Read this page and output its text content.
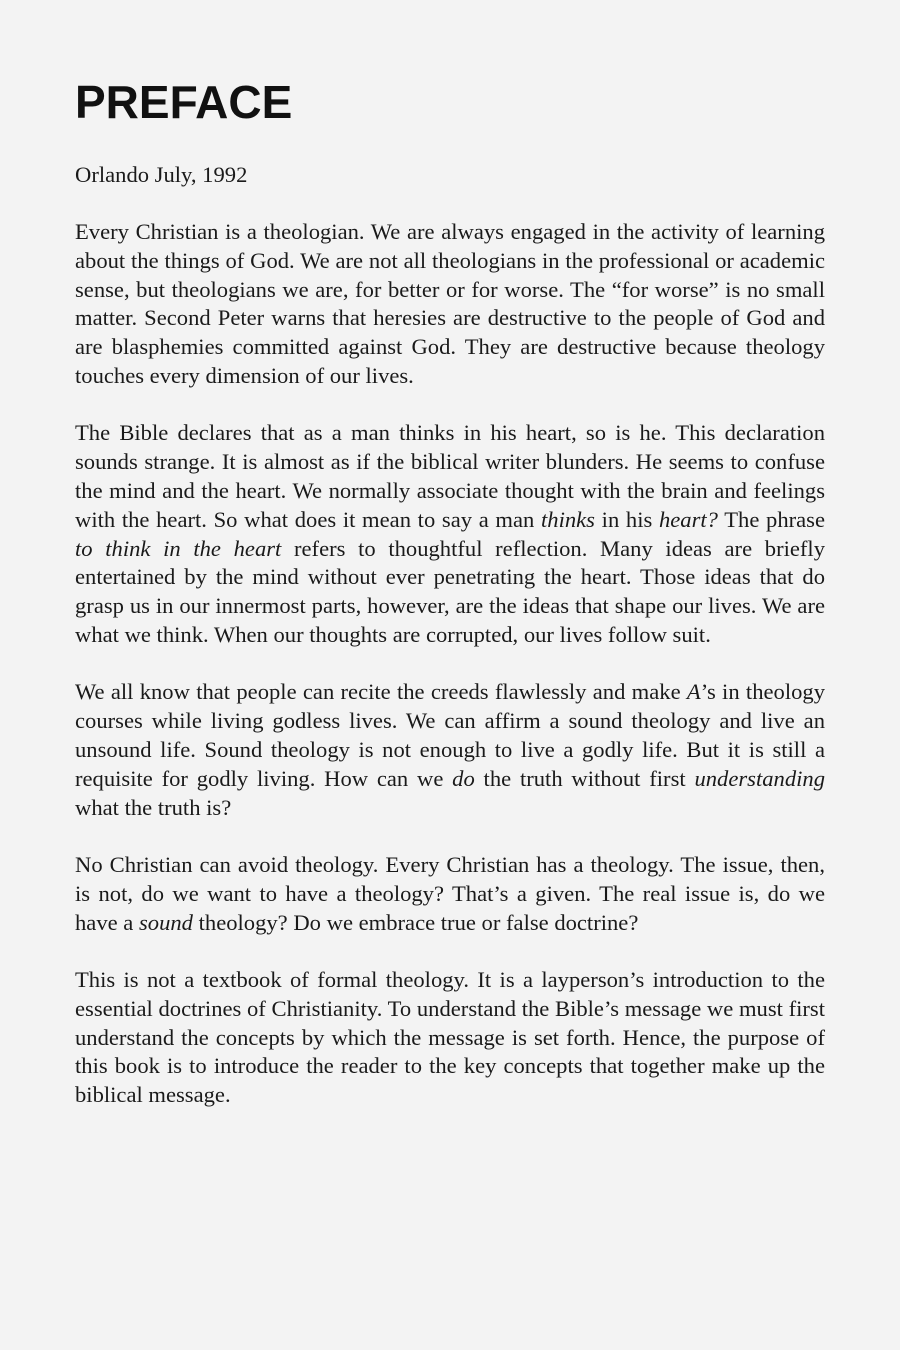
PREFACE

Orlando July, 1992

Every Christian is a theologian. We are always engaged in the activity of learning about the things of God. We are not all theologians in the professional or academic sense, but theologians we are, for better or for worse. The “for worse” is no small matter. Second Peter warns that heresies are destructive to the people of God and are blasphemies committed against God. They are destructive because theology touches every dimension of our lives.

The Bible declares that as a man thinks in his heart, so is he. This declaration sounds strange. It is almost as if the biblical writer blunders. He seems to confuse the mind and the heart. We normally associate thought with the brain and feelings with the heart. So what does it mean to say a man thinks in his heart? The phrase to think in the heart refers to thoughtful reflection. Many ideas are briefly entertained by the mind without ever penetrating the heart. Those ideas that do grasp us in our innermost parts, however, are the ideas that shape our lives. We are what we think. When our thoughts are corrupted, our lives follow suit.

We all know that people can recite the creeds flawlessly and make A’s in theology courses while living godless lives. We can affirm a sound theology and live an unsound life. Sound theology is not enough to live a godly life. But it is still a requisite for godly living. How can we do the truth without first understanding what the truth is?

No Christian can avoid theology. Every Christian has a theology. The issue, then, is not, do we want to have a theology? That’s a given. The real issue is, do we have a sound theology? Do we embrace true or false doctrine?

This is not a textbook of formal theology. It is a layperson’s introduction to the essential doctrines of Christianity. To understand the Bible’s message we must first understand the concepts by which the message is set forth. Hence, the purpose of this book is to introduce the reader to the key concepts that together make up the biblical message.
